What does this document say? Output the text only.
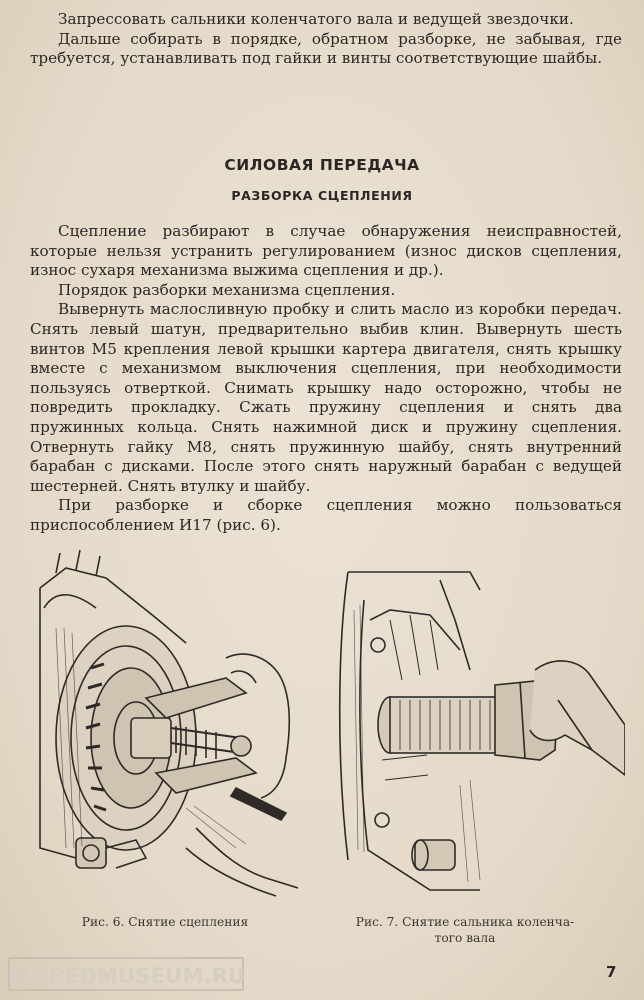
Запрессовать сальники коленчатого вала и ведущей звездочки.

Дальше собирать в порядке, обратном разборке, не забывая, где требуется, устанавливать под гайки и винты соответствующие шайбы.

СИЛОВАЯ ПЕРЕДАЧА
РАЗБОРКА СЦЕПЛЕНИЯ

Сцепление разбирают в случае обнаружения неисправностей, которые нельзя устранить регулированием (износ дисков сцепления, износ сухаря механизма выжима сцепления и др.).

Порядок разборки механизма сцепления.

Вывернуть маслосливную пробку и слить масло из коробки передач. Снять левый шатун, предварительно выбив клин. Вывернуть шесть винтов М5 крепления левой крышки картера двигателя, снять крышку вместе с механизмом выключения сцепления, при необходимости пользуясь отверткой. Снимать крышку надо осторожно, чтобы не повредить прокладку. Сжать пружину сцепления и снять два пружинных кольца. Снять нажимной диск и пружину сцепления. Отвернуть гайку М8, снять пружинную шайбу, снять внутренний барабан с дисками. После этого снять наружный барабан с ведущей шестерней. Снять втулку и шайбу.

При разборке и сборке сцепления можно пользоваться приспособлением И17 (рис. 6).

Рис. 6. Снятие сцепления	Рис. 7. Снятие сальника коленча-
того вала
MOPEDMUSEUM.RU	7
